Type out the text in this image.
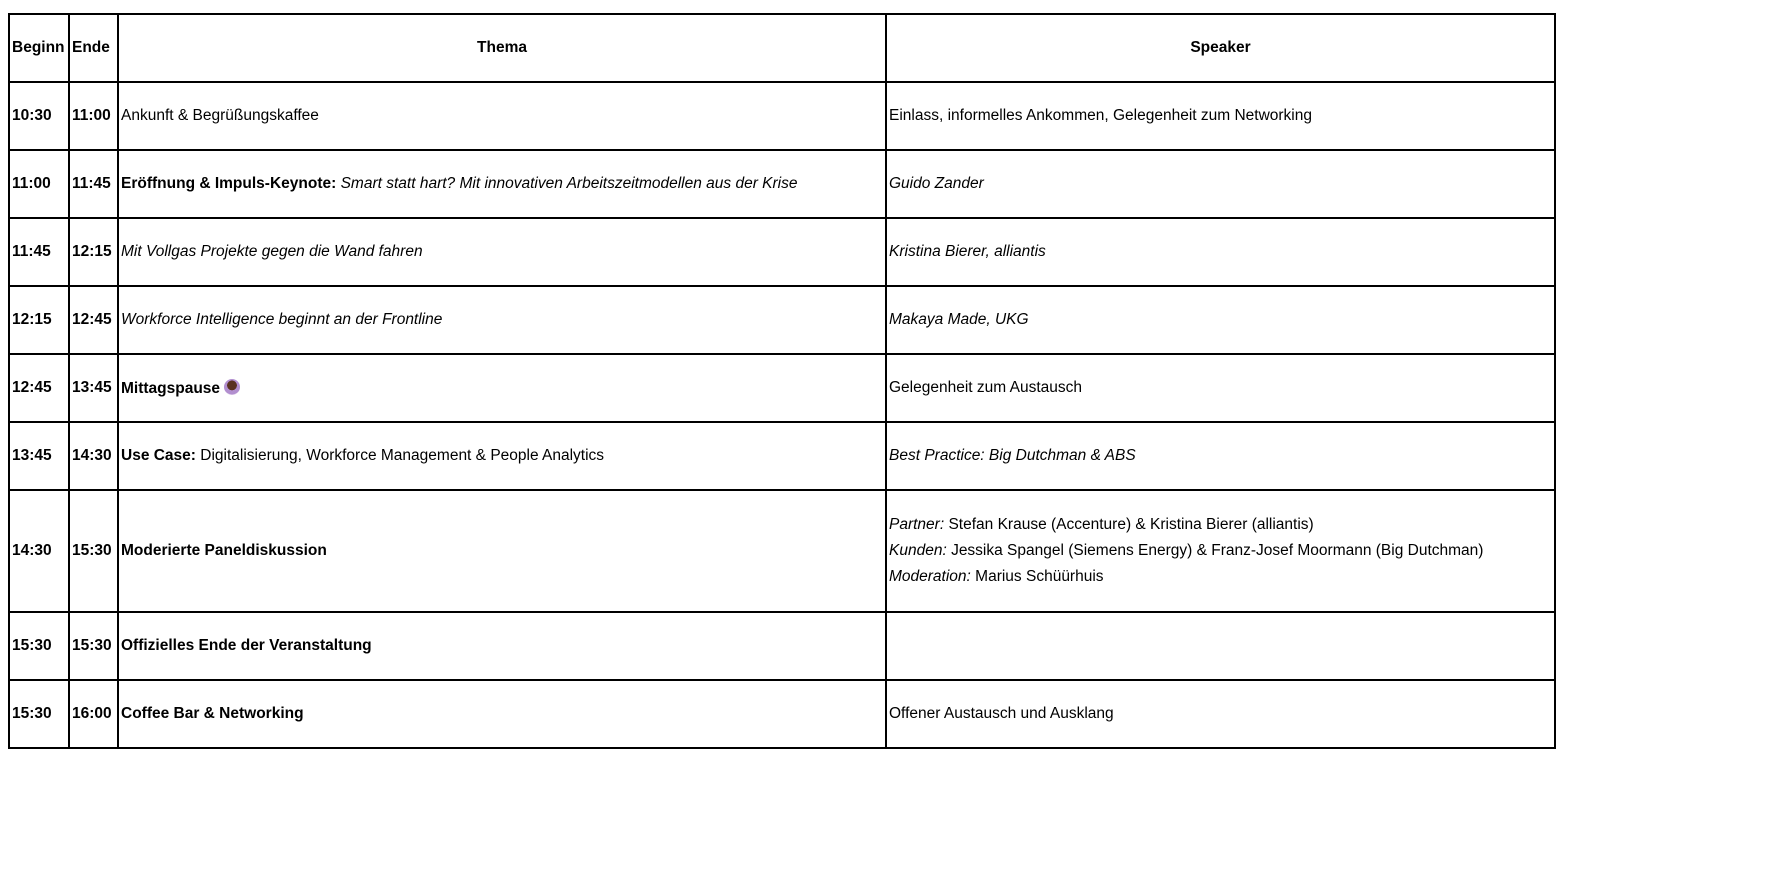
Beginn	Ende	Thema	Speaker
10:30	11:00	Ankunft & Begrüßungskaffee	Einlass, informelles Ankommen, Gelegenheit zum Networking
11:00	11:45	Eröffnung & Impuls-Keynote: Smart statt hart? Mit innovativen Arbeitszeitmodellen aus der Krise	Guido Zander
11:45	12:15	Mit Vollgas Projekte gegen die Wand fahren	Kristina Bierer, alliantis
12:15	12:45	Workforce Intelligence beginnt an der Frontline	Makaya Made, UKG
12:45	13:45	Mittagspause	Gelegenheit zum Austausch
13:45	14:30	Use Case: Digitalisierung, Workforce Management & People Analytics	Best Practice: Big Dutchman & ABS
14:30	15:30	Moderierte Paneldiskussion	Partner: Stefan Krause (Accenture) & Kristina Bierer (alliantis)
Kunden: Jessika Spangel (Siemens Energy) & Franz-Josef Moormann (Big Dutchman)
Moderation: Marius Schüürhuis

15:30	15:30	Offizielles Ende der Veranstaltung	
15:30	16:00	Coffee Bar & Networking	Offener Austausch und Ausklang
